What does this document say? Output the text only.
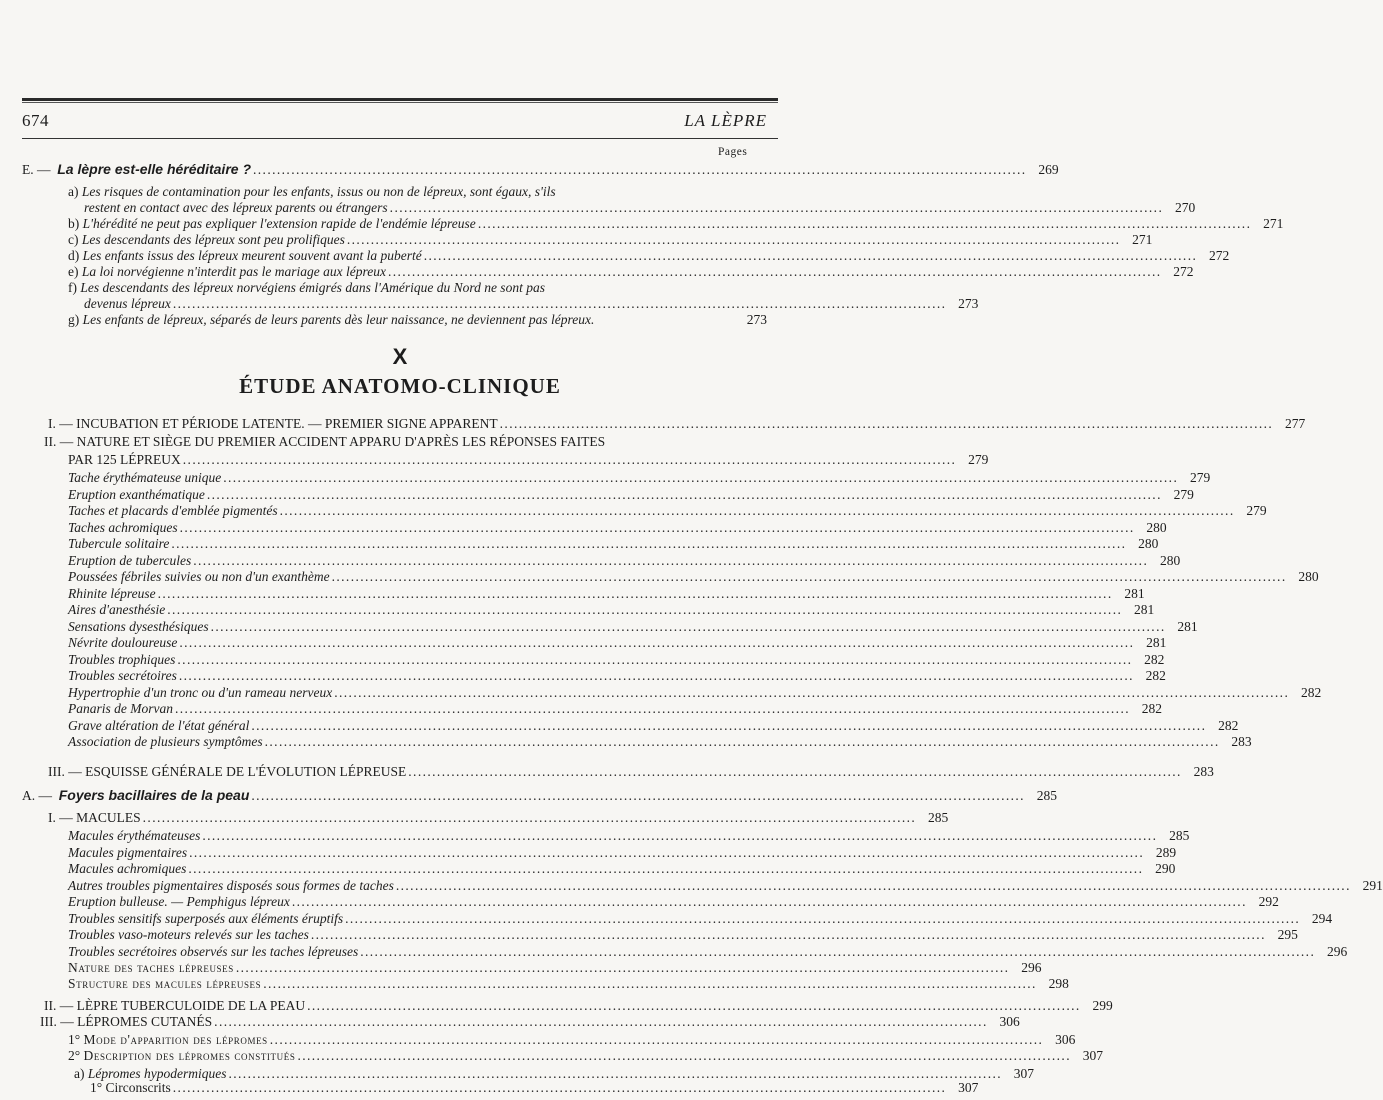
674	LA LÈPRE
Pages
E. — La lèpre est-elle héréditaire ? .................................................................................................................................................................. 269
a) Les risques de contamination pour les enfants, issus ou non de lépreux, sont égaux, s'ils
restent en contact avec des lépreux parents ou étrangers .................................................................................................................................................................. 270
b) L'hérédité ne peut pas expliquer l'extension rapide de l'endémie lépreuse .................................................................................................................................................................. 271
c) Les descendants des lépreux sont peu prolifiques .................................................................................................................................................................. 271
d) Les enfants issus des lépreux meurent souvent avant la puberté .................................................................................................................................................................. 272
e) La loi norvégienne n'interdit pas le mariage aux lépreux .................................................................................................................................................................. 272
f) Les descendants des lépreux norvégiens émigrés dans l'Amérique du Nord ne sont pas
devenus lépreux .................................................................................................................................................................. 273
g) Les enfants de lépreux, séparés de leurs parents dès leur naissance, ne deviennent pas lépreux.	273
X
ÉTUDE ANATOMO-CLINIQUE
I. — INCUBATION ET PÉRIODE LATENTE. — PREMIER SIGNE APPARENT .................................................................................................................................................................. 277
II. — NATURE ET SIÈGE DU PREMIER ACCIDENT APPARU D'APRÈS LES RÉPONSES FAITES
PAR 125 LÉPREUX .................................................................................................................................................................. 279
Tache érythémateuse unique ........................................................................................................................................................................................................ 279
Eruption exanthématique ........................................................................................................................................................................................................ 279
Taches et placards d'emblée pigmentés ........................................................................................................................................................................................................ 279
Taches achromiques ........................................................................................................................................................................................................ 280
Tubercule solitaire ........................................................................................................................................................................................................ 280
Eruption de tubercules ........................................................................................................................................................................................................ 280
Poussées fébriles suivies ou non d'un exanthème ........................................................................................................................................................................................................ 280
Rhinite lépreuse ........................................................................................................................................................................................................ 281
Aires d'anesthésie ........................................................................................................................................................................................................ 281
Sensations dysesthésiques ........................................................................................................................................................................................................ 281
Névrite douloureuse ........................................................................................................................................................................................................ 281
Troubles trophiques ........................................................................................................................................................................................................ 282
Troubles secrétoires ........................................................................................................................................................................................................ 282
Hypertrophie d'un tronc ou d'un rameau nerveux ........................................................................................................................................................................................................ 282
Panaris de Morvan ........................................................................................................................................................................................................ 282
Grave altération de l'état général ........................................................................................................................................................................................................ 282
Association de plusieurs symptômes ........................................................................................................................................................................................................ 283
III. — ESQUISSE GÉNÉRALE DE L'ÉVOLUTION LÉPREUSE .................................................................................................................................................................. 283
A. — Foyers bacillaires de la peau .................................................................................................................................................................. 285
I. — MACULES .................................................................................................................................................................. 285
Macules érythémateuses ........................................................................................................................................................................................................ 285
Macules pigmentaires ........................................................................................................................................................................................................ 289
Macules achromiques ........................................................................................................................................................................................................ 290
Autres troubles pigmentaires disposés sous formes de taches ........................................................................................................................................................................................................ 291
Eruption bulleuse. — Pemphigus lépreux ........................................................................................................................................................................................................ 292
Troubles sensitifs superposés aux éléments éruptifs ........................................................................................................................................................................................................ 294
Troubles vaso-moteurs relevés sur les taches ........................................................................................................................................................................................................ 295
Troubles secrétoires observés sur les taches lépreuses ........................................................................................................................................................................................................ 296
Nature des taches lépreuses .................................................................................................................................................................. 296
Structure des macules lépreuses .................................................................................................................................................................. 298
II. — LÈPRE TUBERCULOIDE DE LA PEAU .................................................................................................................................................................. 299
III. — LÉPROMES CUTANÉS .................................................................................................................................................................. 306
1° Mode d'apparition des lépromes .................................................................................................................................................................. 306
2° Description des lépromes constitués .................................................................................................................................................................. 307
a) Lépromes hypodermiques .................................................................................................................................................................. 307
1° Circonscrits .................................................................................................................................................................. 307
